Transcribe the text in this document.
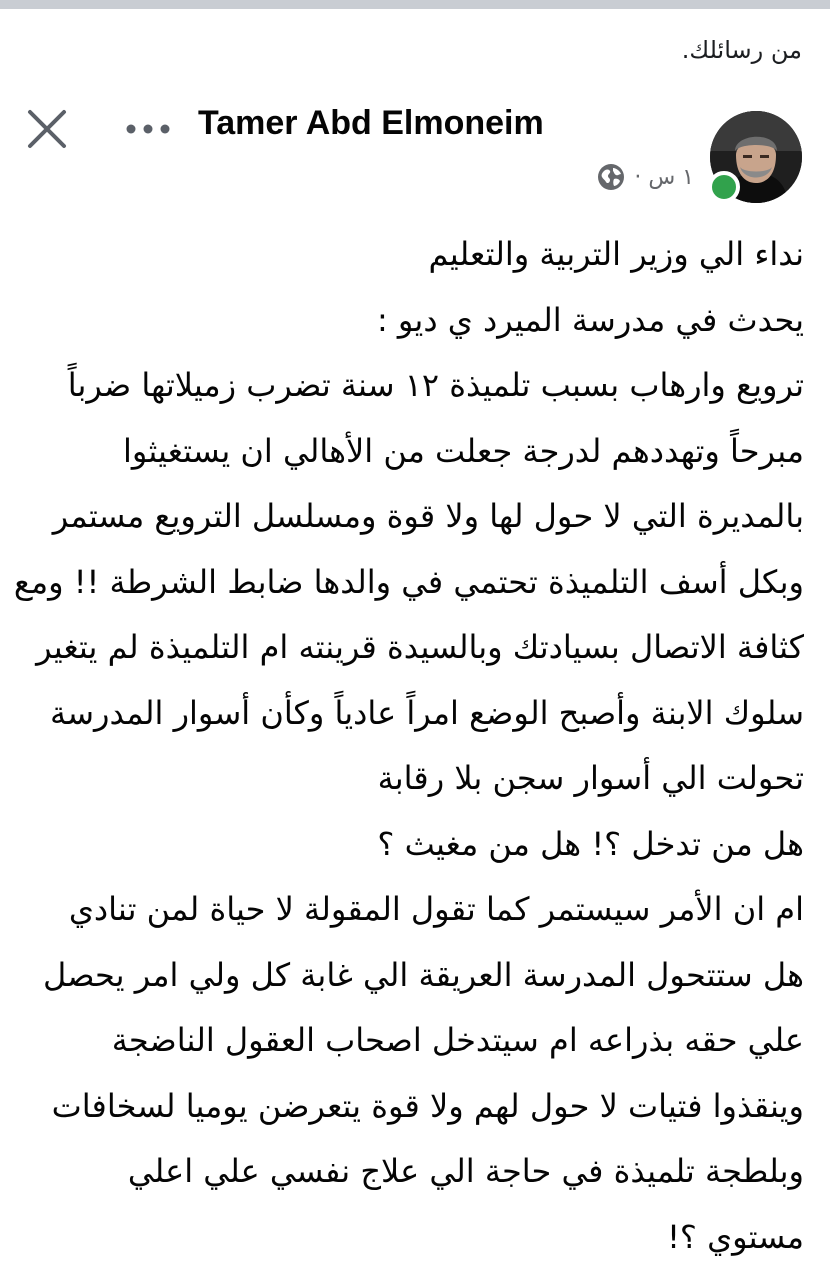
من رسائلك.
Tamer Abd Elmoneim
١ س ·
نداء الي وزير التربية والتعليم
يحدث في مدرسة الميرد ي ديو :
ترويع وارهاب بسبب تلميذة ١٢ سنة تضرب زميلاتها ضرباً
مبرحاً وتهددهم لدرجة جعلت من الأهالي ان يستغيثوا
بالمديرة التي لا حول لها ولا قوة ومسلسل الترويع مستمر
وبكل أسف التلميذة تحتمي في والدها ضابط الشرطة !! ومع
كثافة الاتصال بسيادتك وبالسيدة قرينته ام التلميذة لم يتغير
سلوك الابنة وأصبح الوضع امراً عادياً وكأن أسوار المدرسة
تحولت الي أسوار سجن بلا رقابة
هل من تدخل ؟! هل من مغيث ؟
ام ان الأمر سيستمر كما تقول المقولة لا حياة لمن تنادي
هل ستتحول المدرسة العريقة الي غابة كل ولي امر يحصل
علي حقه بذراعه ام سيتدخل اصحاب العقول الناضجة
وينقذوا فتيات لا حول لهم ولا قوة يتعرضن يوميا لسخافات
وبلطجة تلميذة في حاجة الي علاج نفسي علي اعلي
مستوي ؟!
